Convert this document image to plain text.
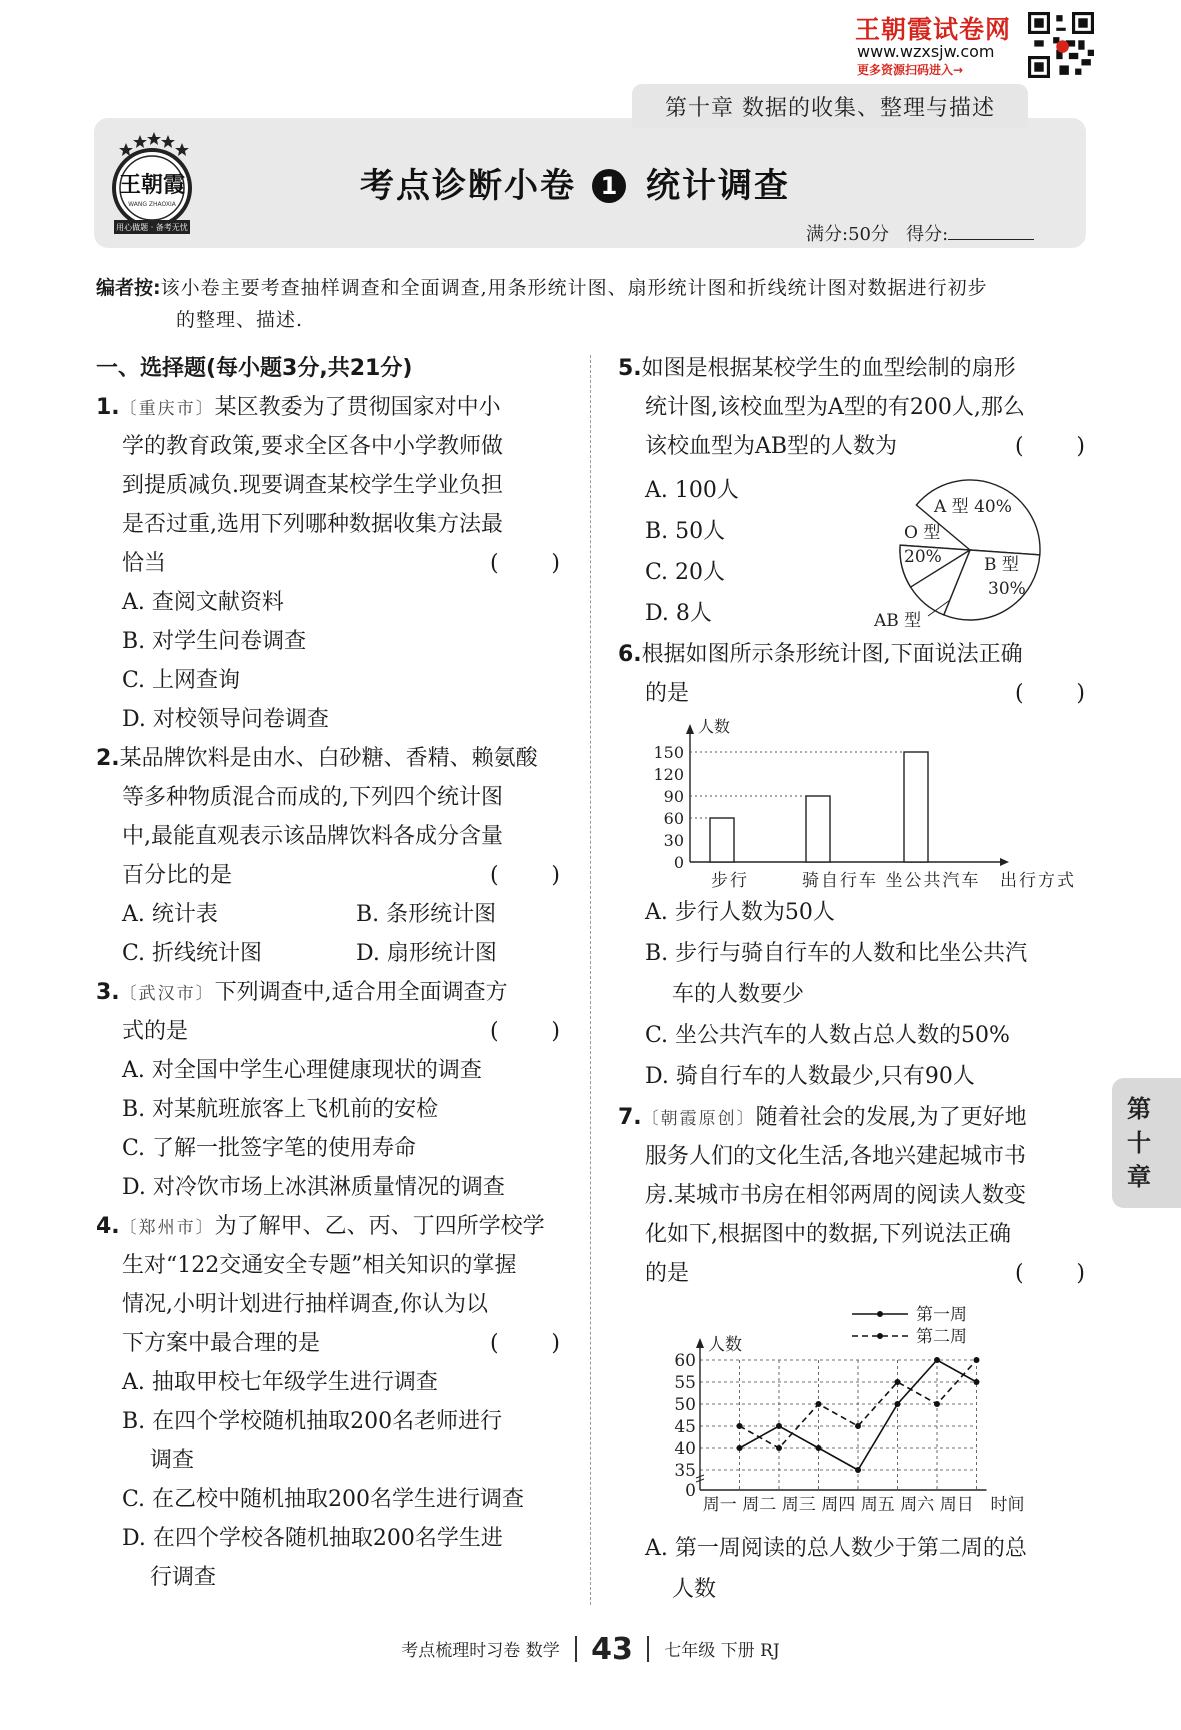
王朝霞试卷网
www.wzxsjw.com
更多资源扫码进入→
第十章 数据的收集、整理与描述
王朝霞
WANG ZHAOXIA
用心做题 · 备考无忧
考点诊断小卷 1 统计调查
满分:50分 得分:
编者按:该小卷主要考查抽样调查和全面调查,用条形统计图、扇形统计图和折线统计图对数据进行初步
的整理、描述.
一、选择题(每小题3分,共21分)
1.〔重庆市〕某区教委为了贯彻国家对中小
学的教育政策,要求全区各中小学教师做
到提质减负.现要调查某校学生学业负担
是否过重,选用下列哪种数据收集方法最
恰当	( )
A. 查阅文献资料
B. 对学生问卷调查
C. 上网查询
D. 对校领导问卷调查
2.某品牌饮料是由水、白砂糖、香精、赖氨酸
等多种物质混合而成的,下列四个统计图
中,最能直观表示该品牌饮料各成分含量
百分比的是	( )
A. 统计表	B. 条形统计图
C. 折线统计图	D. 扇形统计图
3.〔武汉市〕下列调查中,适合用全面调查方
式的是	( )
A. 对全国中学生心理健康现状的调查
B. 对某航班旅客上飞机前的安检
C. 了解一批签字笔的使用寿命
D. 对冷饮市场上冰淇淋质量情况的调查
4.〔郑州市〕为了解甲、乙、丙、丁四所学校学
生对“122交通安全专题”相关知识的掌握
情况,小明计划进行抽样调查,你认为以
下方案中最合理的是	( )
A. 抽取甲校七年级学生进行调查
B. 在四个学校随机抽取200名老师进行
调查
C. 在乙校中随机抽取200名学生进行调查
D. 在四个学校各随机抽取200名学生进
行调查
5.如图是根据某校学生的血型绘制的扇形
统计图,该校血型为A型的有200人,那么
该校血型为AB型的人数为	( )
A. 100人
B. 50人
C. 20人
D. 8人
A 型 40%
B 型
30%
O 型
20%
AB 型
6.根据如图所示条形统计图,下面说法正确
的是	( )
人数
0
30
60
90
120
150
步行	骑自行车 坐公共汽车 出行方式
A. 步行人数为50人
B. 步行与骑自行车的人数和比坐公共汽
车的人数要少
C. 坐公共汽车的人数占总人数的50%
D. 骑自行车的人数最少,只有90人
7.〔朝霞原创〕随着社会的发展,为了更好地
服务人们的文化生活,各地兴建起城市书
房.某城市书房在相邻两周的阅读人数变
化如下,根据图中的数据,下列说法正确
的是	( )
人数
0
35
40
45
50
55
60
周一 周二 周三 周四 周五 周六 周日 时间
第一周
第二周
A. 第一周阅读的总人数少于第二周的总
人数
第十章
考点梳理时习卷 数学 43 七年级 下册 RJ
